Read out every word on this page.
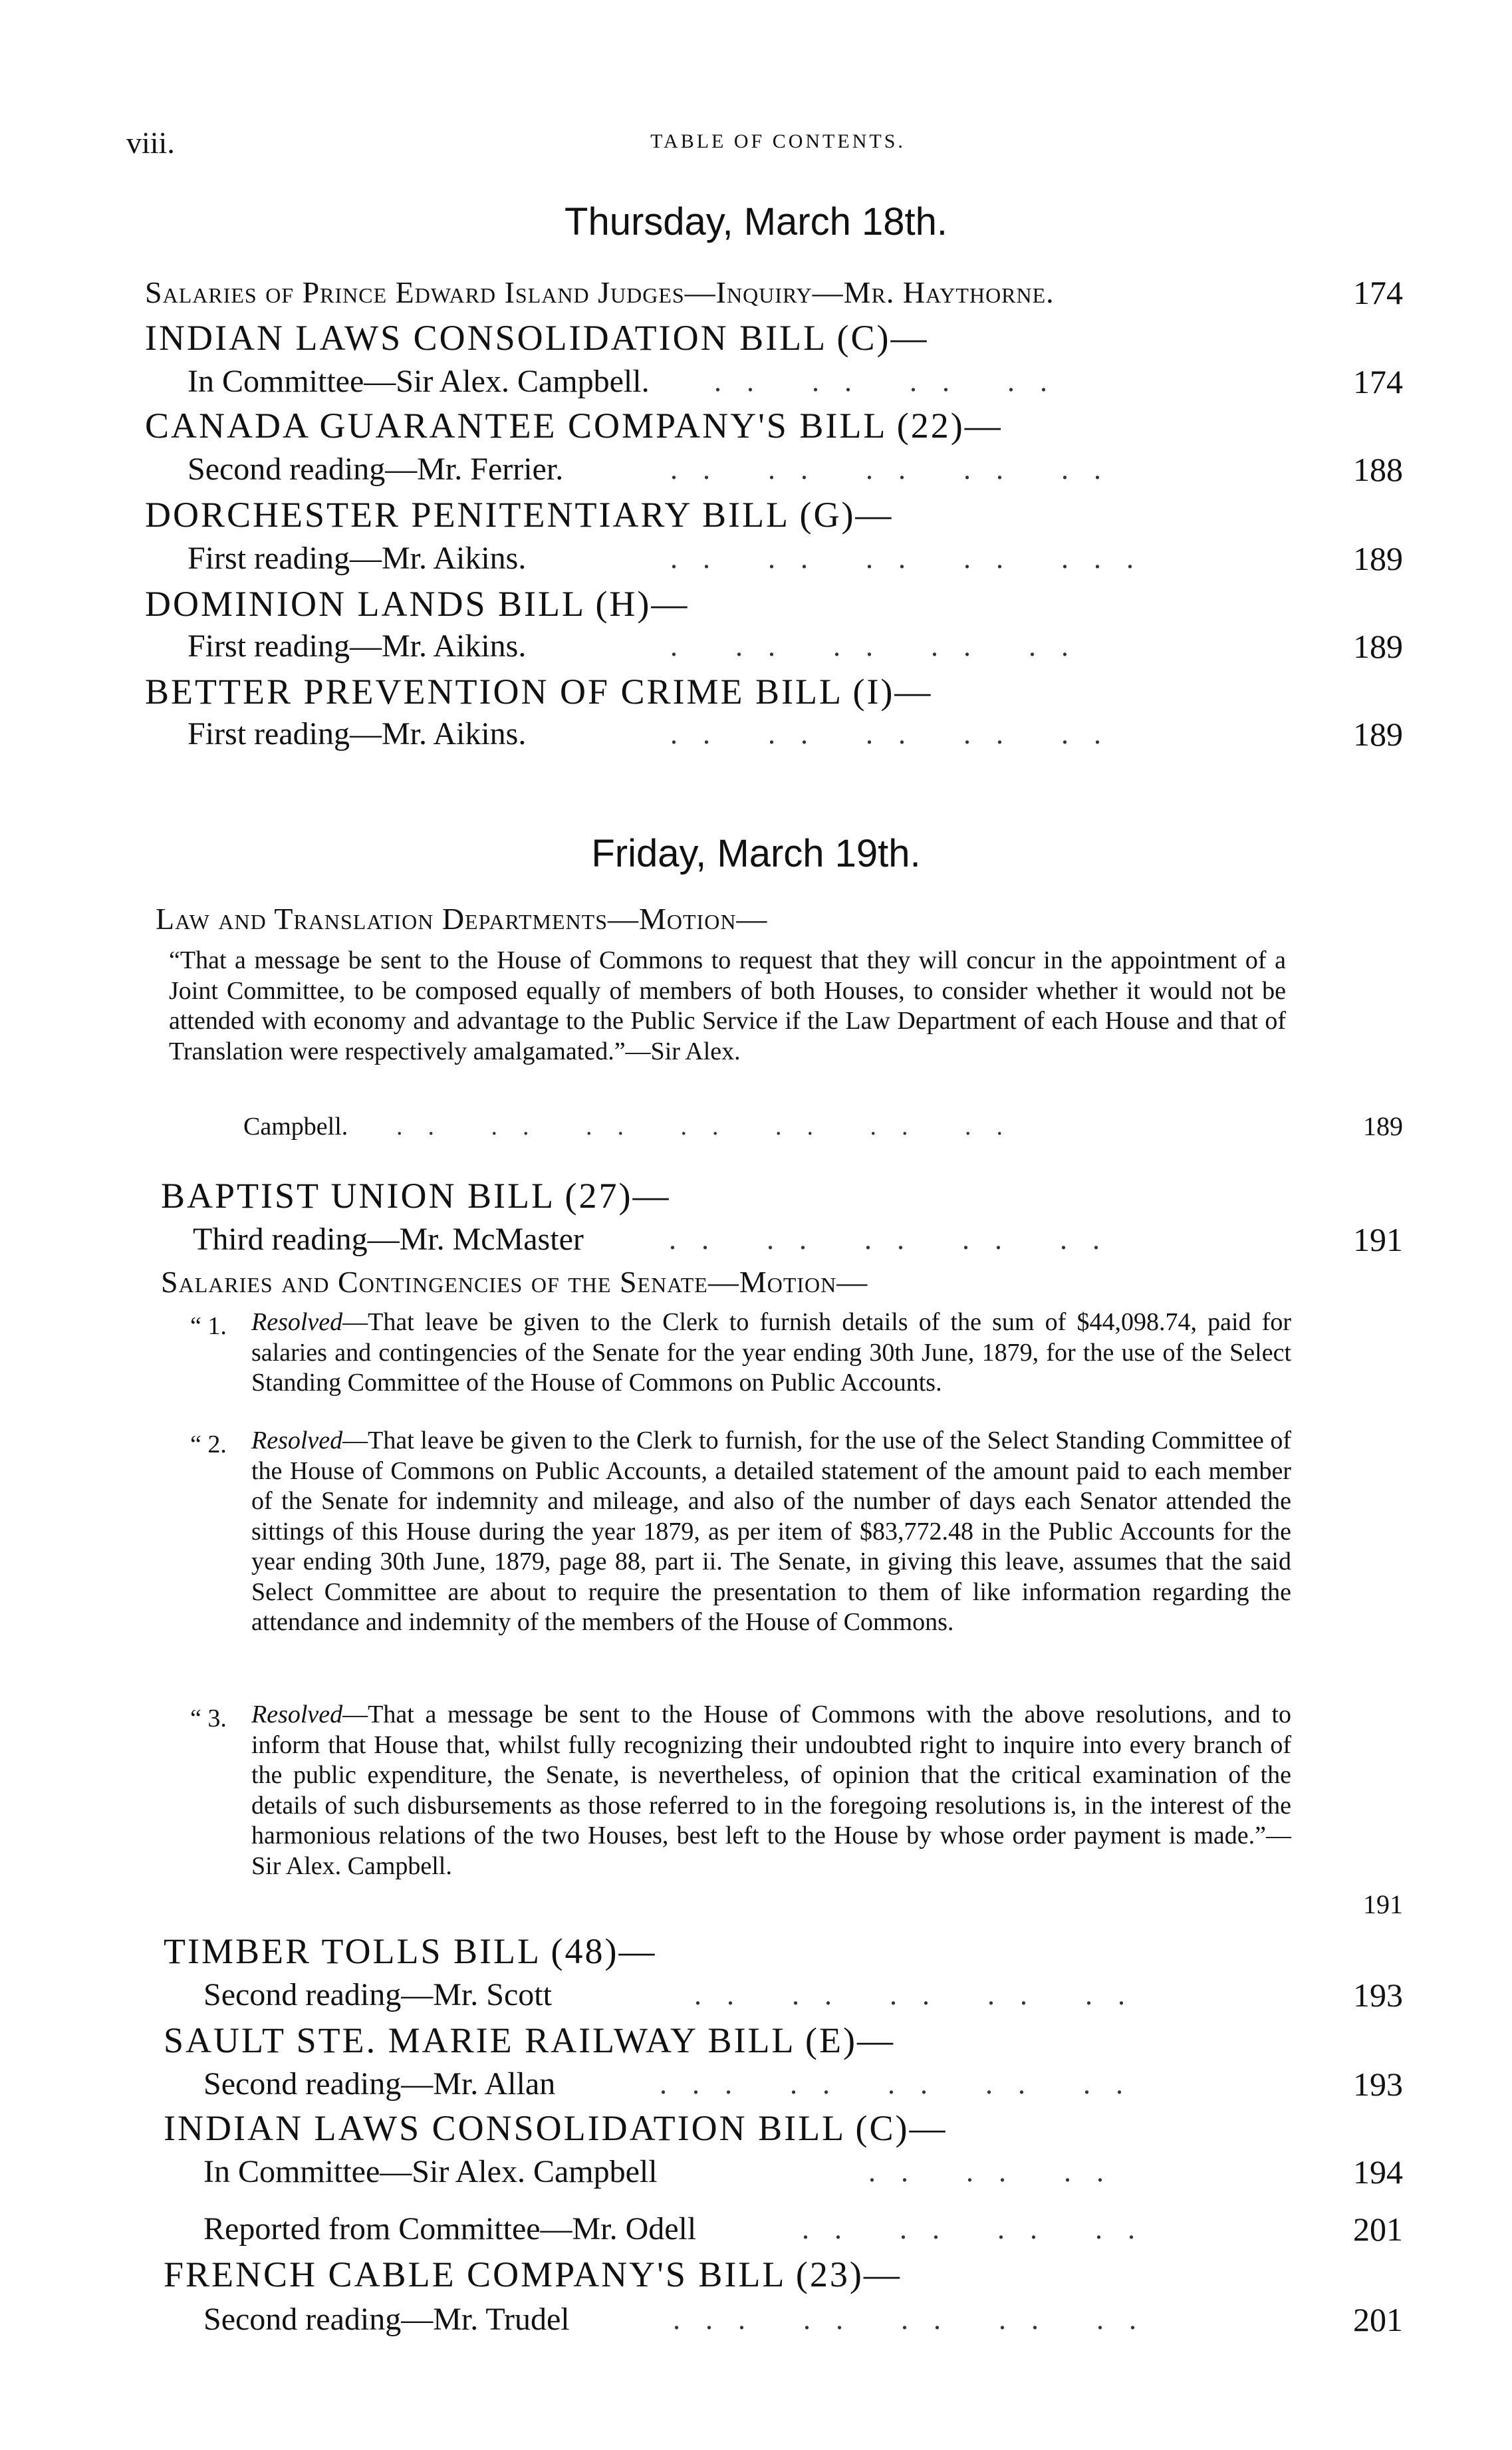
viii.	TABLE OF CONTENTS.
Thursday, March 18th.
Salaries of Prince Edward Island Judges—Inquiry—Mr. Haythorne.	174
INDIAN LAWS CONSOLIDATION BILL (C)—
In Committee—Sir Alex. Campbell. .. .. .. ..	174
CANADA GUARANTEE COMPANY'S BILL (22)—
Second reading—Mr. Ferrier.	.. .. .. .. ..	188
DORCHESTER PENITENTIARY BILL (G)—
First reading—Mr. Aikins.	.. .. .. .. ...	189
DOMINION LANDS BILL (H)—
First reading—Mr. Aikins.	. .. .. .. ..	189
BETTER PREVENTION OF CRIME BILL (I)—
First reading—Mr. Aikins.	.. .. .. .. ..	189
Friday, March 19th.
Law and Translation Departments—Motion—

“That a message be sent to the House of Commons to request that they will concur in the appointment of a Joint Committee, to be composed equally of members of both Houses, to consider whether it would not be attended with economy and advantage to the Public Service if the Law Department of each House and that of Translation were respectively amalgamated.”—Sir Alex.

Campbell. .. .. .. .. .. .. ..	189
BAPTIST UNION BILL (27)—
Third reading—Mr. McMaster	.. .. .. .. ..	191
Salaries and Contingencies of the Senate—Motion—
“ 1. Resolved—That leave be given to the Clerk to furnish details of the sum of $44,098.74, paid for salaries and contingencies of the Senate for the year ending 30th June, 1879, for the use of the Select Standing Committee of the House of Commons on Public Accounts.
“ 2. Resolved—That leave be given to the Clerk to furnish, for the use of the Select Standing Committee of the House of Commons on Public Accounts, a detailed statement of the amount paid to each member of the Senate for indemnity and mileage, and also of the number of days each Senator attended the sittings of this House during the year 1879, as per item of $83,772.48 in the Public Accounts for the year ending 30th June, 1879, page 88, part ii. The Senate, in giving this leave, assumes that the said Select Committee are about to require the presentation to them of like information regarding the attendance and indemnity of the members of the House of Commons.
“ 3. Resolved—That a message be sent to the House of Commons with the above resolutions, and to inform that House that, whilst fully recognizing their undoubted right to inquire into every branch of the public expenditure, the Senate, is nevertheless, of opinion that the critical examination of the details of such disbursements as those referred to in the foregoing resolutions is, in the interest of the harmonious relations of the two Houses, best left to the House by whose order payment is made.”—Sir Alex. Campbell.
191
TIMBER TOLLS BILL (48)—
Second reading—Mr. Scott	.. .. .. .. ..	193
SAULT STE. MARIE RAILWAY BILL (E)—
Second reading—Mr. Allan	... .. .. .. ..	193
INDIAN LAWS CONSOLIDATION BILL (C)—
In Committee—Sir Alex. Campbell	.. .. ..	194
Reported from Committee—Mr. Odell	.. .. .. ..	201
FRENCH CABLE COMPANY'S BILL (23)—
Second reading—Mr. Trudel	... .. .. .. ..	201
